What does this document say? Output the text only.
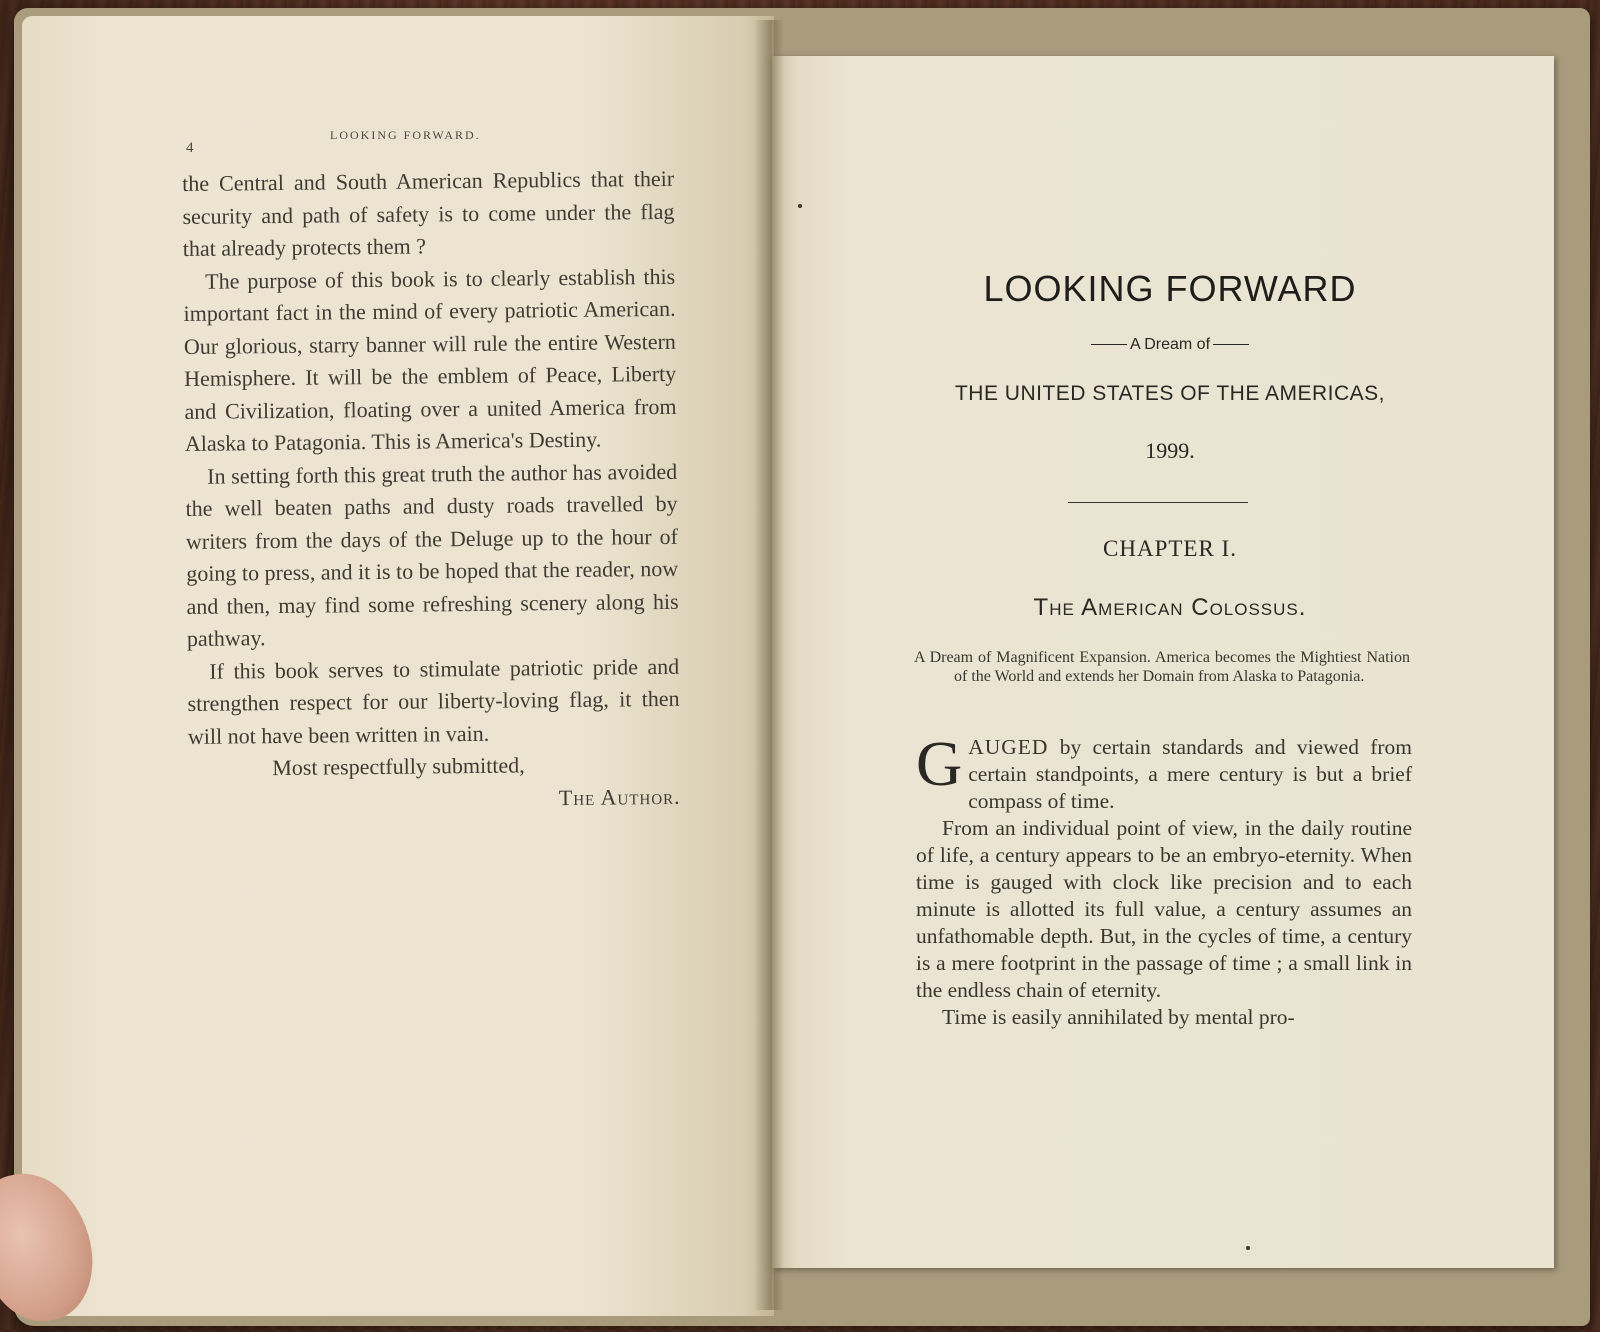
4
LOOKING FORWARD.

the Central and South American Republics that their security and path of safety is to come under the flag that already protects them ?

The purpose of this book is to clearly establish this important fact in the mind of every patriotic American. Our glorious, starry banner will rule the entire Western Hemisphere. It will be the emblem of Peace, Liberty and Civilization, floating over a united America from Alaska to Patagonia. This is America's Destiny.

In setting forth this great truth the author has avoided the well beaten paths and dusty roads travelled by writers from the days of the Deluge up to the hour of going to press, and it is to be hoped that the reader, now and then, may find some refreshing scenery along his pathway.

If this book serves to stimulate patriotic pride and strengthen respect for our liberty-loving flag, it then will not have been written in vain.

Most respectfully submitted,

The Author.

LOOKING FORWARD
A Dream of
THE UNITED STATES OF THE AMERICAS,
1999.
CHAPTER I.
The American Colossus.
A Dream of Magnificent Expansion. America becomes the Mightiest Nation of the World and extends her Domain from Alaska to Patagonia.

GAUGED by certain standards and viewed from certain standpoints, a mere century is but a brief compass of time.

From an individual point of view, in the daily routine of life, a century appears to be an embryo-eternity. When time is gauged with clock like precision and to each minute is allotted its full value, a century assumes an unfathomable depth. But, in the cycles of time, a century is a mere footprint in the passage of time ; a small link in the endless chain of eternity.

Time is easily annihilated by mental pro-
